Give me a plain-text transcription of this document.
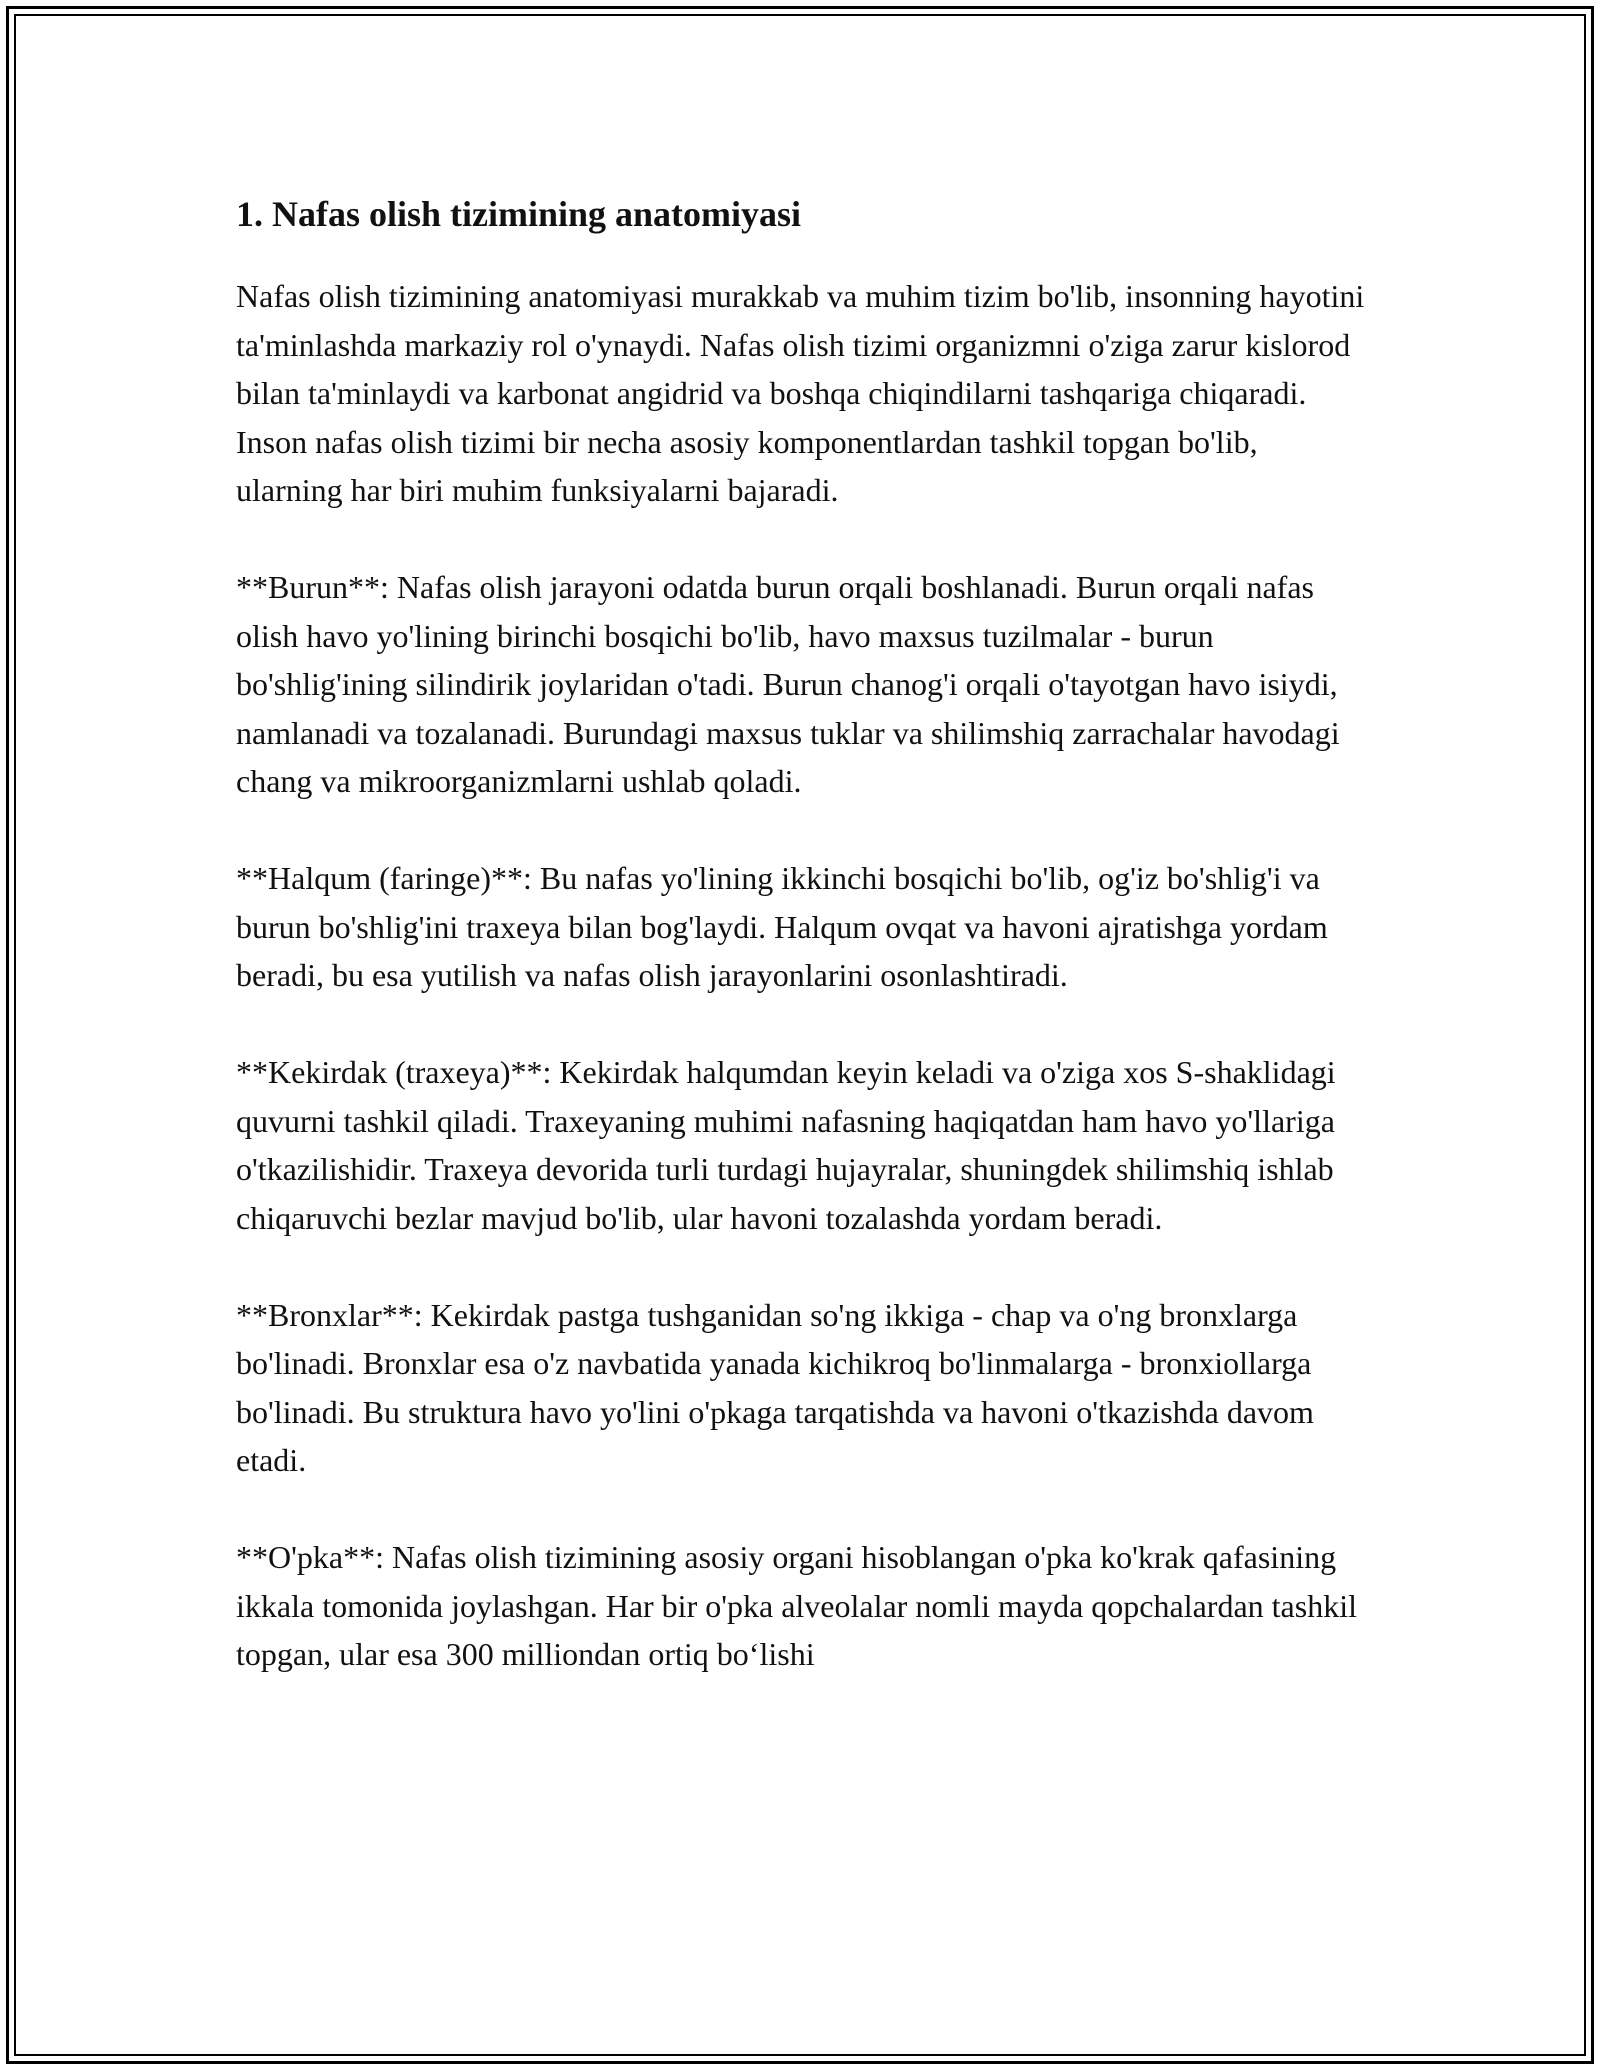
1. Nafas olish tizimining anatomiyasi

Nafas olish tizimining anatomiyasi murakkab va muhim tizim bo'lib, insonning hayotini ta'minlashda markaziy rol o'ynaydi. Nafas olish tizimi organizmni o'ziga zarur kislorod bilan ta'minlaydi va karbonat angidrid va boshqa chiqindilarni tashqariga chiqaradi. Inson nafas olish tizimi bir necha asosiy komponentlardan tashkil topgan bo'lib, ularning har biri muhim funksiyalarni bajaradi.

**Burun**: Nafas olish jarayoni odatda burun orqali boshlanadi. Burun orqali nafas olish havo yo'lining birinchi bosqichi bo'lib, havo maxsus tuzilmalar - burun bo'shlig'ining silindirik joylaridan o'tadi. Burun chanog'i orqali o'tayotgan havo isiydi, namlanadi va tozalanadi. Burundagi maxsus tuklar va shilimshiq zarrachalar havodagi chang va mikroorganizmlarni ushlab qoladi.

**Halqum (faringe)**: Bu nafas yo'lining ikkinchi bosqichi bo'lib, og'iz bo'shlig'i va burun bo'shlig'ini traxeya bilan bog'laydi. Halqum ovqat va havoni ajratishga yordam beradi, bu esa yutilish va nafas olish jarayonlarini osonlashtiradi.

**Kekirdak (traxeya)**: Kekirdak halqumdan keyin keladi va o'ziga xos S-shaklidagi quvurni tashkil qiladi. Traxeyaning muhimi nafasning haqiqatdan ham havo yo'llariga o'tkazilishidir. Traxeya devorida turli turdagi hujayralar, shuningdek shilimshiq ishlab chiqaruvchi bezlar mavjud bo'lib, ular havoni tozalashda yordam beradi.

**Bronxlar**: Kekirdak pastga tushganidan so'ng ikkiga - chap va o'ng bronxlarga bo'linadi. Bronxlar esa o'z navbatida yanada kichikroq bo'linmalarga - bronxiollarga bo'linadi. Bu struktura havo yo'lini o'pkaga tarqatishda va havoni o'tkazishda davom etadi.

**O'pka**: Nafas olish tizimining asosiy organi hisoblangan o'pka ko'krak qafasining ikkala tomonida joylashgan. Har bir o'pka alveolalar nomli mayda qopchalardan tashkil topgan, ular esa 300 milliondan ortiq bo‘lishi
